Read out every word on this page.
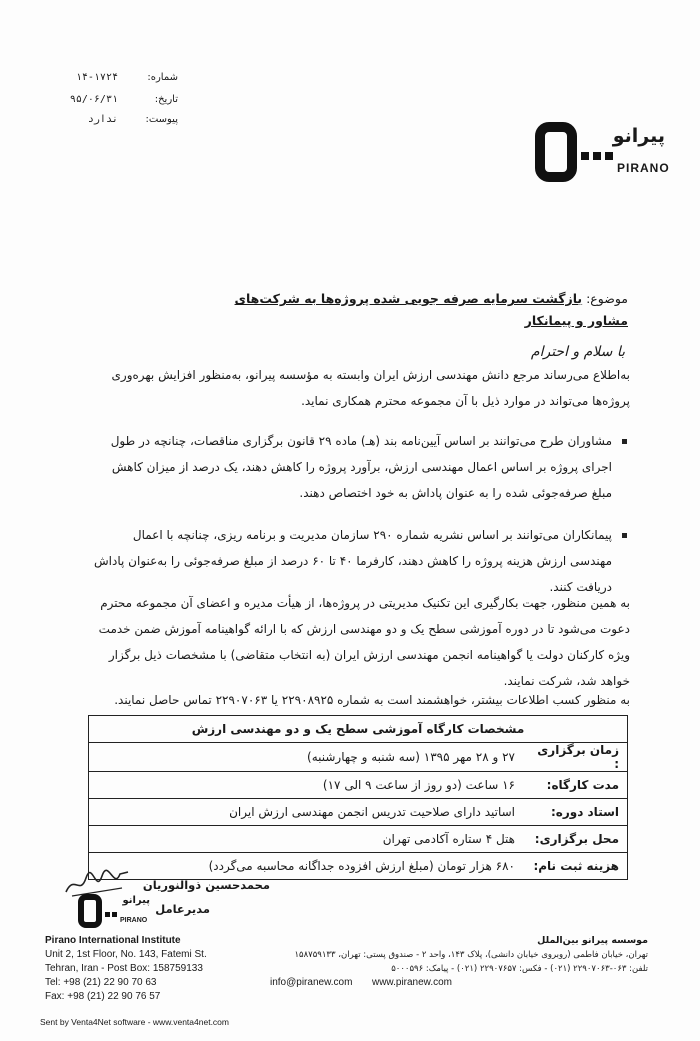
شماره:
۱۴-۱۷۲۴
تاریخ:
۹۵/۰۶/۳۱
پیوست:
ندارد
پیرانو
PIRANO
موضوع: بازگشت سرمایه صرفه جویی شده پروژه‌ها به شرکت‌های مشاور و پیمانکار
با سلام و احترام

به‌اطلاع می‌رساند مرجع دانش مهندسی ارزش ایران وابسته به مؤسسه پیرانو، به‌منظور افزایش بهره‌وری پروژه‌ها می‌تواند در موارد ذیل با آن مجموعه محترم همکاری نماید.

مشاوران طرح می‌توانند بر اساس آیین‌نامه بند (هـ) ماده ۲۹ قانون برگزاری مناقصات، چنانچه در طول اجرای پروژه بر اساس اعمال مهندسی ارزش، برآورد پروژه را کاهش دهند، یک درصد از میزان کاهش مبلغ صرفه‌جوئی شده را به عنوان پاداش به خود اختصاص دهند.

پیمانکاران می‌توانند بر اساس نشریه شماره ۲۹۰ سازمان مدیریت و برنامه ریزی، چنانچه با اعمال مهندسی ارزش هزینه پروژه را کاهش دهند، کارفرما ۴۰ تا ۶۰ درصد از مبلغ صرفه‌جوئی را به‌عنوان پاداش دریافت کنند.

به همین منظور، جهت بکارگیری این تکنیک مدیریتی در پروژه‌ها، از هیأت مدیره و اعضای آن مجموعه محترم دعوت می‌شود تا در دوره آموزشی سطح یک و دو مهندسی ارزش که با ارائه گواهینامه آموزش ضمن خدمت ویژه کارکنان دولت یا گواهینامه انجمن مهندسی ارزش ایران (به انتخاب متقاضی) با مشخصات ذیل برگزار خواهد شد، شرکت نمایند.

به منظور کسب اطلاعات بیشتر، خواهشمند است به شماره ۲۲۹۰۸۹۲۵ یا ۲۲۹۰۷۰۶۳ تماس حاصل نمایند.
مشخصات کارگاه آموزشی سطح یک و دو مهندسی ارزش	
زمان برگزاری :	۲۷ و ۲۸ مهر ۱۳۹۵ (سه شنبه و چهارشنبه)
مدت کارگاه:	۱۶ ساعت (دو روز از ساعت ۹ الی ۱۷)
استاد دوره:	اساتید دارای صلاحیت تدریس انجمن مهندسی ارزش ایران
محل برگزاری:	هتل ۴ ستاره آکادمی تهران
هزینه ثبت نام:	۶۸۰ هزار تومان (مبلغ ارزش افزوده جداگانه محاسبه می‌گردد)
محمدحسین ذوالنوریان
مدیرعامل
پیرانو
PIRANO
Pirano International Institute
Unit 2, 1st Floor, No. 143, Fatemi St.
Tehran, Iran - Post Box: 158759133
Tel: +98 (21) 22 90 70 63
Fax: +98 (21) 22 90 76 57
موسسه پیرانو بین‌الملل
تهران، خیابان فاطمی (روبروی خیابان دانشی)، پلاک ۱۴۳، واحد ۲ - صندوق پستی: تهران، ۱۵۸۷۵۹۱۳۳
تلفن: ۰۶۳-۲۲۹۰۷۰۶۳ (۰۲۱) - فکس: ۲۲۹۰۷۶۵۷ (۰۲۱) - پیامک: ۵۰۰۰۵۹۶
info@piranew.com www.piranew.com
Sent by Venta4Net software - www.venta4net.com
